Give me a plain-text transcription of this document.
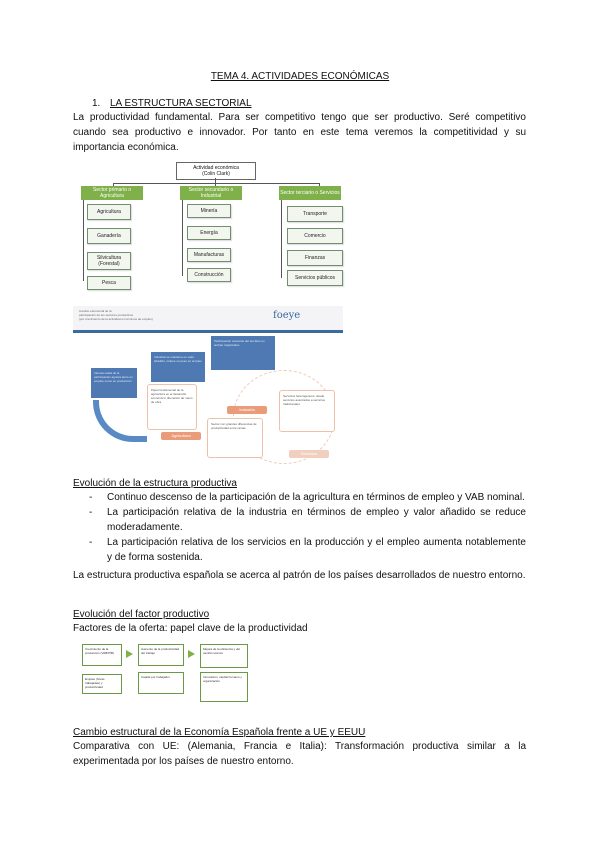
TEMA 4. ACTIVIDADES ECONÓMICAS
1. LA ESTRUCTURA SECTORIAL
La productividad fundamental. Para ser competitivo tengo que ser productivo. Seré competitivo cuando sea productivo e innovador. Por tanto en este tema veremos la competitividad y su importancia económica.
Actividad económica
(Colin Clark)
Sector primario o Agricultura
Agricultura
Ganadería
Silvicultura (Forestal)
Pesca
Sector secundario o Industrial
Minería
Energía
Manufacturas
Construcción
Sector terciario o Servicios
Transporte
Comercio
Finanzas
Servicios públicos
Cambio estructural de la
participación de los sectores productivos
(por crecimiento de la actividad en términos de empleo)	foeye
Intensa caída de la participación agraria tanto en empleo como en producción
Industria se mantiene en valor añadido, reduce su peso en empleo
Participación creciente del terciario en ambas magnitudes
Papel fundamental de la agricultura en el desarrollo económico: liberación de mano de obra
Sector con grandes diferencias de productividad entre ramas
Servicios heterogéneos: desde servicios avanzados a servicios tradicionales
Agricultura
Industria
Servicios
Evolución de la estructura productiva
- Continuo descenso de la participación de la agricultura en términos de empleo y VAB nominal.
- La participación relativa de la industria en términos de empleo y valor añadido se reduce moderadamente.
- La participación relativa de los servicios en la producción y el empleo aumenta notablemente y de forma sostenida.
La estructura productiva española se acerca al patrón de los países desarrollados de nuestro entorno.
Evolución del factor productivo
Factores de la oferta: papel clave de la productividad
Crecimiento de la producción (VAB/PIB)
Aumento de la productividad del trabajo
Mejora de la eficiencia y del cambio técnico
Empleo (horas trabajadas) y productividad
Capital por trabajador	Innovación, capital humano y organización
Cambio estructural de la Economía Española frente a UE y EEUU
Comparativa con UE: (Alemania, Francia e Italia): Transformación productiva similar a la experimentada por los países de nuestro entorno.
